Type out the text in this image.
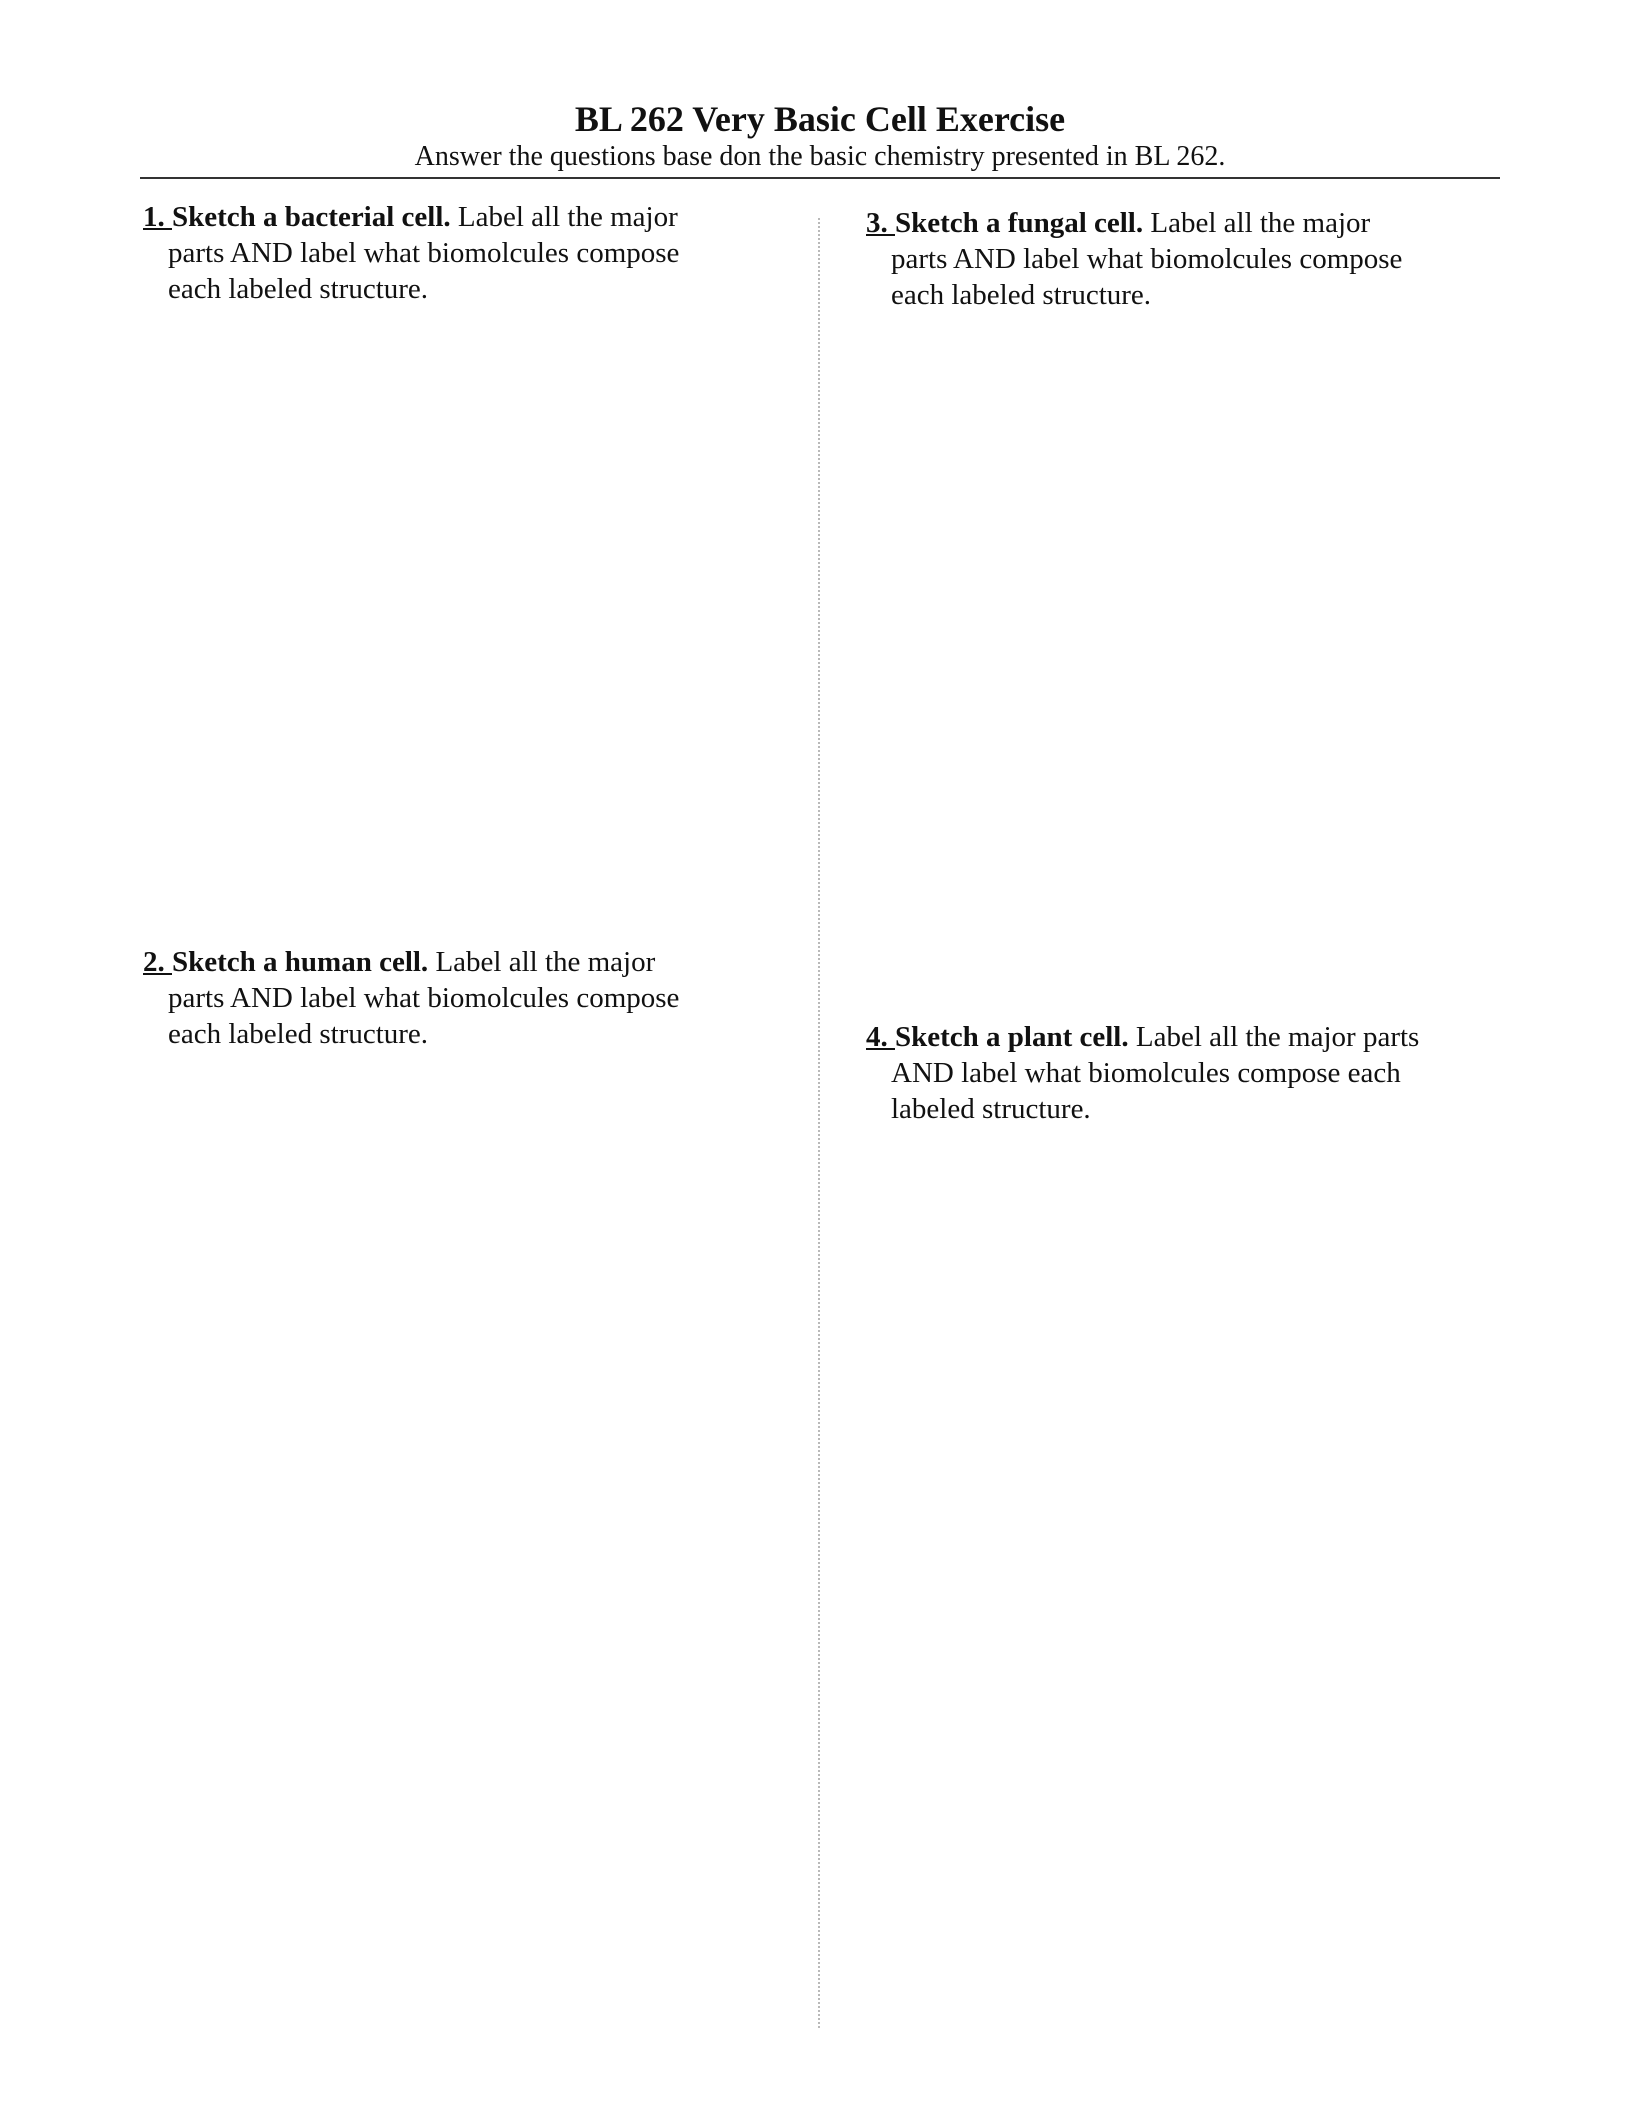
BL 262 Very Basic Cell Exercise

Answer the questions base don the basic chemistry presented in BL 262.

1. Sketch a bacterial cell. Label all the major
parts AND label what biomolcules compose
each labeled structure.
2. Sketch a human cell. Label all the major
parts AND label what biomolcules compose
each labeled structure.
3. Sketch a fungal cell. Label all the major
parts AND label what biomolcules compose
each labeled structure.
4. Sketch a plant cell. Label all the major parts
AND label what biomolcules compose each
labeled structure.
